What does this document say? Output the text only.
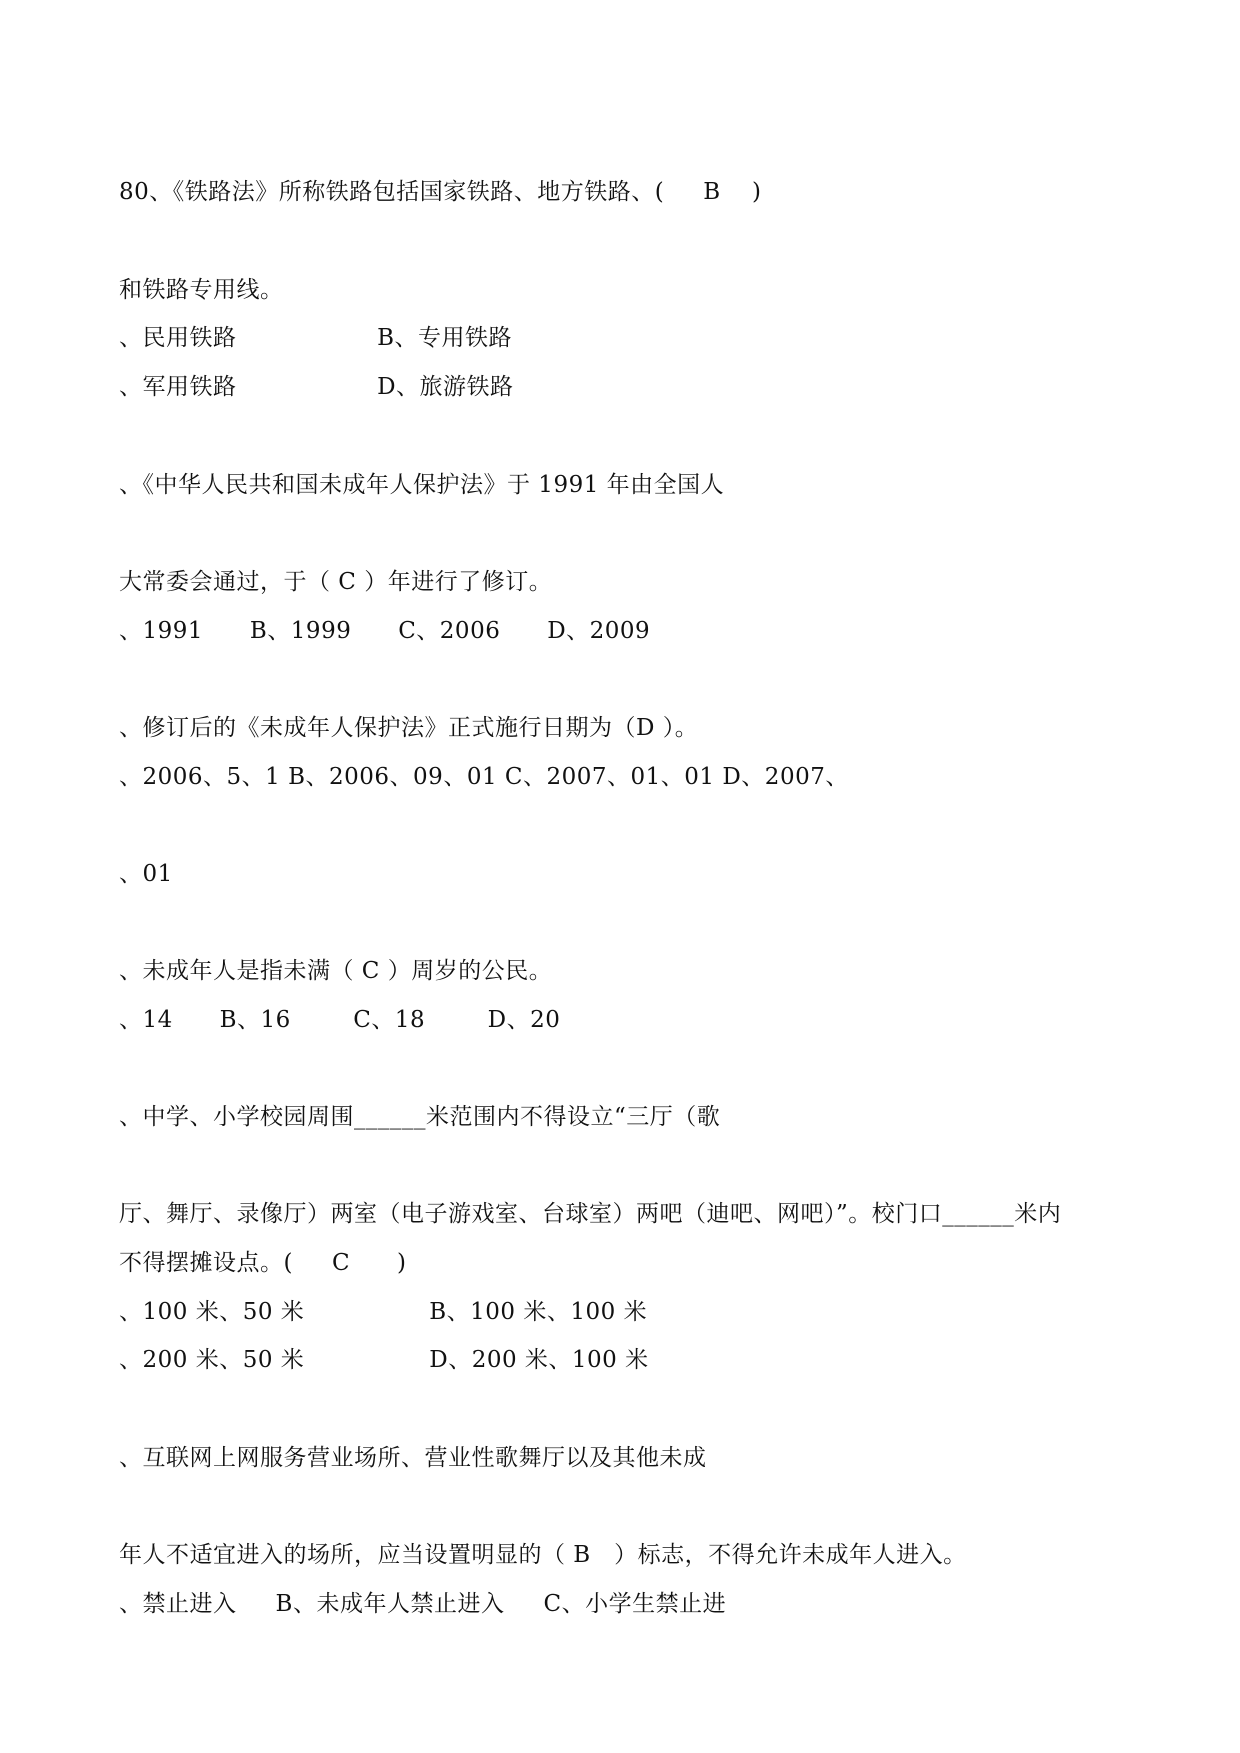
80、《铁路法》所称铁路包括国家铁路、地方铁路、(     B    )
和铁路专用线。
、民用铁路                  B、专用铁路
、军用铁路                  D、旅游铁路
、《中华人民共和国未成年人保护法》于 1991 年由全国人
大常委会通过，于（ C ）年进行了修订。
、1991      B、1999      C、2006      D、2009
、修订后的《未成年人保护法》正式施行日期为（D ）。
、2006、5、1 B、2006、09、01 C、2007、01、01 D、2007、
、01
、未成年人是指未满（ C ）周岁的公民。
、14      B、16        C、18        D、20
、中学、小学校园周围______米范围内不得设立“三厅（歌
厅、舞厅、录像厅）两室（电子游戏室、台球室）两吧（迪吧、网吧）”。校门口______米内
不得摆摊设点。(     C      )
、100 米、50 米                B、100 米、100 米
、200 米、50 米                D、200 米、100 米
、互联网上网服务营业场所、营业性歌舞厅以及其他未成
年人不适宜进入的场所，应当设置明显的（ B   ）标志，不得允许未成年人进入。
、禁止进入     B、未成年人禁止进入     C、小学生禁止进
